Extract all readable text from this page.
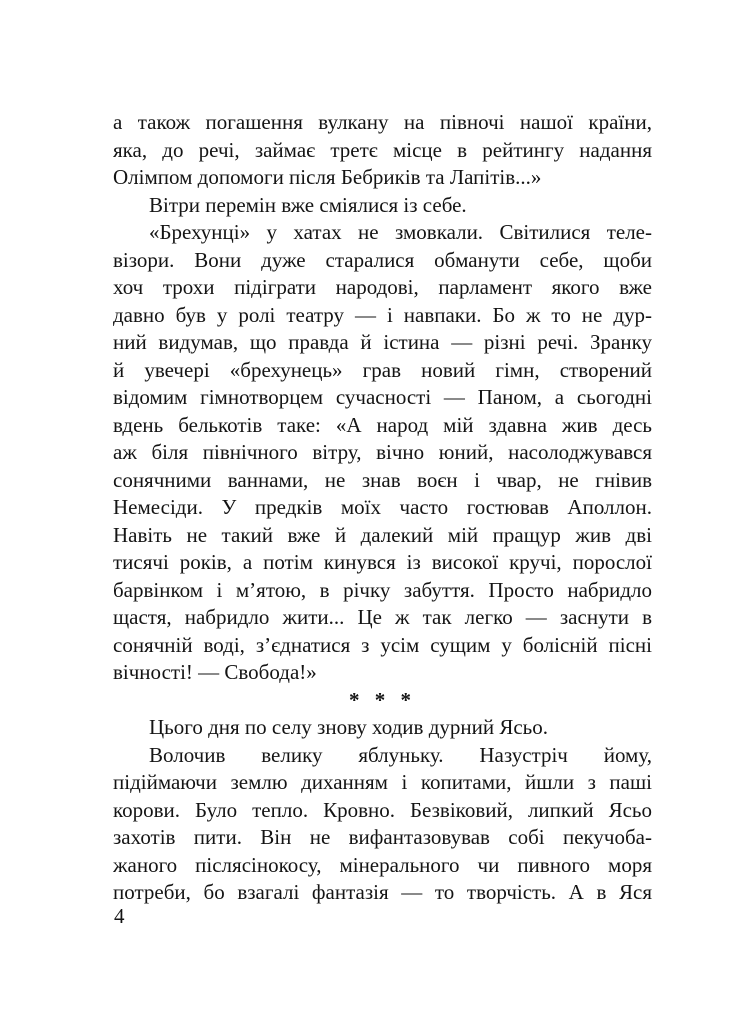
а також погашення вулкану на півночі нашої країни,
яка, до речі, займає третє місце в рейтингу надання
Олімпом допомоги після Бебриків та Лапітів...»
Вітри перемін вже сміялися із себе.
«Брехунці» у хатах не змовкали. Світилися теле-
візори. Вони дуже старалися обманути себе, щоби
хоч трохи підіграти народові, парламент якого вже
давно був у ролі театру — і навпаки. Бо ж то не дур-
ний видумав, що правда й істина — різні речі. Зранку
й увечері «брехунець» грав новий гімн, створений
відомим гімнотворцем сучасності — Паном, а сьогодні
вдень белькотів таке: «А народ мій здавна жив десь
аж біля північного вітру, вічно юний, насолоджувався
сонячними ваннами, не знав воєн і чвар, не гнівив
Немесіди. У предків моїх часто гостював Аполлон.
Навіть не такий вже й далекий мій пращур жив дві
тисячі років, а потім кинувся із високої кручі, порослої
барвінком і м’ятою, в річку забуття. Просто набридло
щастя, набридло жити... Це ж так легко — заснути в
сонячній воді, з’єднатися з усім сущим у болісній пісні
вічності! — Свобода!»
* * *
Цього дня по селу знову ходив дурний Ясьо.
Волочив велику яблуньку. Назустріч йому,
підіймаючи землю диханням і копитами, йшли з паші
корови. Було тепло. Кровно. Безвіковий, липкий Ясьо
захотів пити. Він не вифантазовував собі пекучоба-
жаного післясінокосу, мінерального чи пивного моря
потреби, бо взагалі фантазія — то творчість. А в Яся
4
